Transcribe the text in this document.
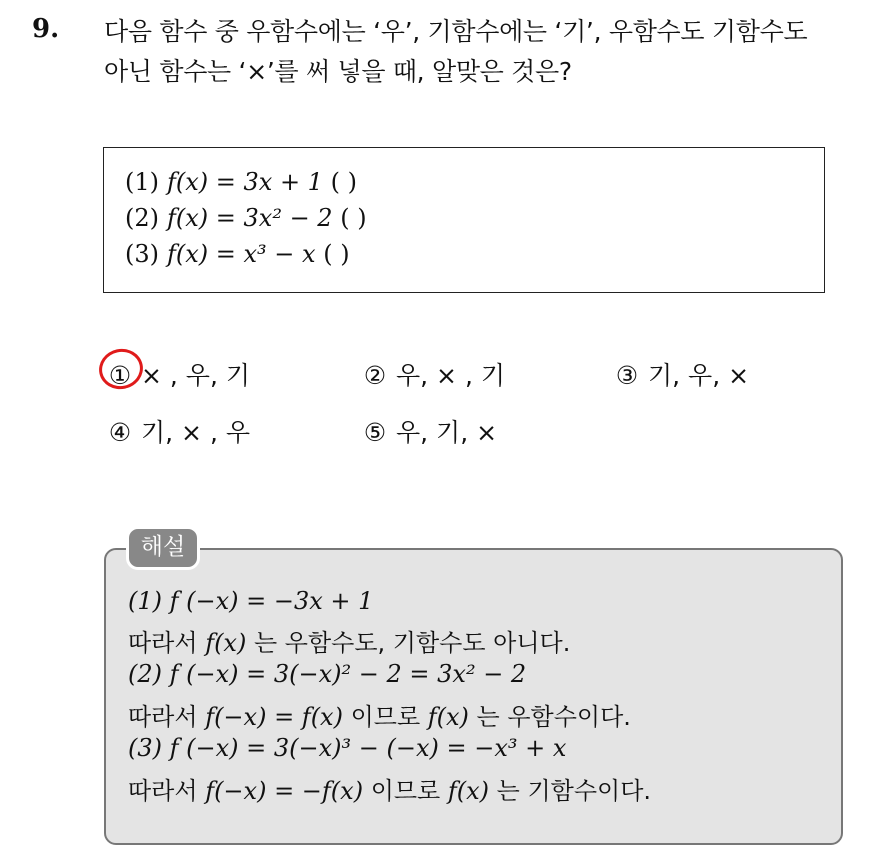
9. 다음 함수 중 우함수에는 ‘우’, 기함수에는 ‘기’, 우함수도 기함수도
아닌 함수는 ‘×’를 써 넣을 때, 알맞은 것은?
(1) f(x) = 3x + 1 ( )
(2) f(x) = 3x² − 2 ( )
(3) f(x) = x³ − x ( )
① × , 우, 기	② 우, × , 기	③ 기, 우, ×
④ 기, × , 우	⑤ 우, 기, ×
해설
(1) f (−x) = −3x + 1
따라서 f(x) 는 우함수도, 기함수도 아니다.
(2) f (−x) = 3(−x)² − 2 = 3x² − 2
따라서 f(−x) = f(x) 이므로 f(x) 는 우함수이다.
(3) f (−x) = 3(−x)³ − (−x) = −x³ + x
따라서 f(−x) = −f(x) 이므로 f(x) 는 기함수이다.
